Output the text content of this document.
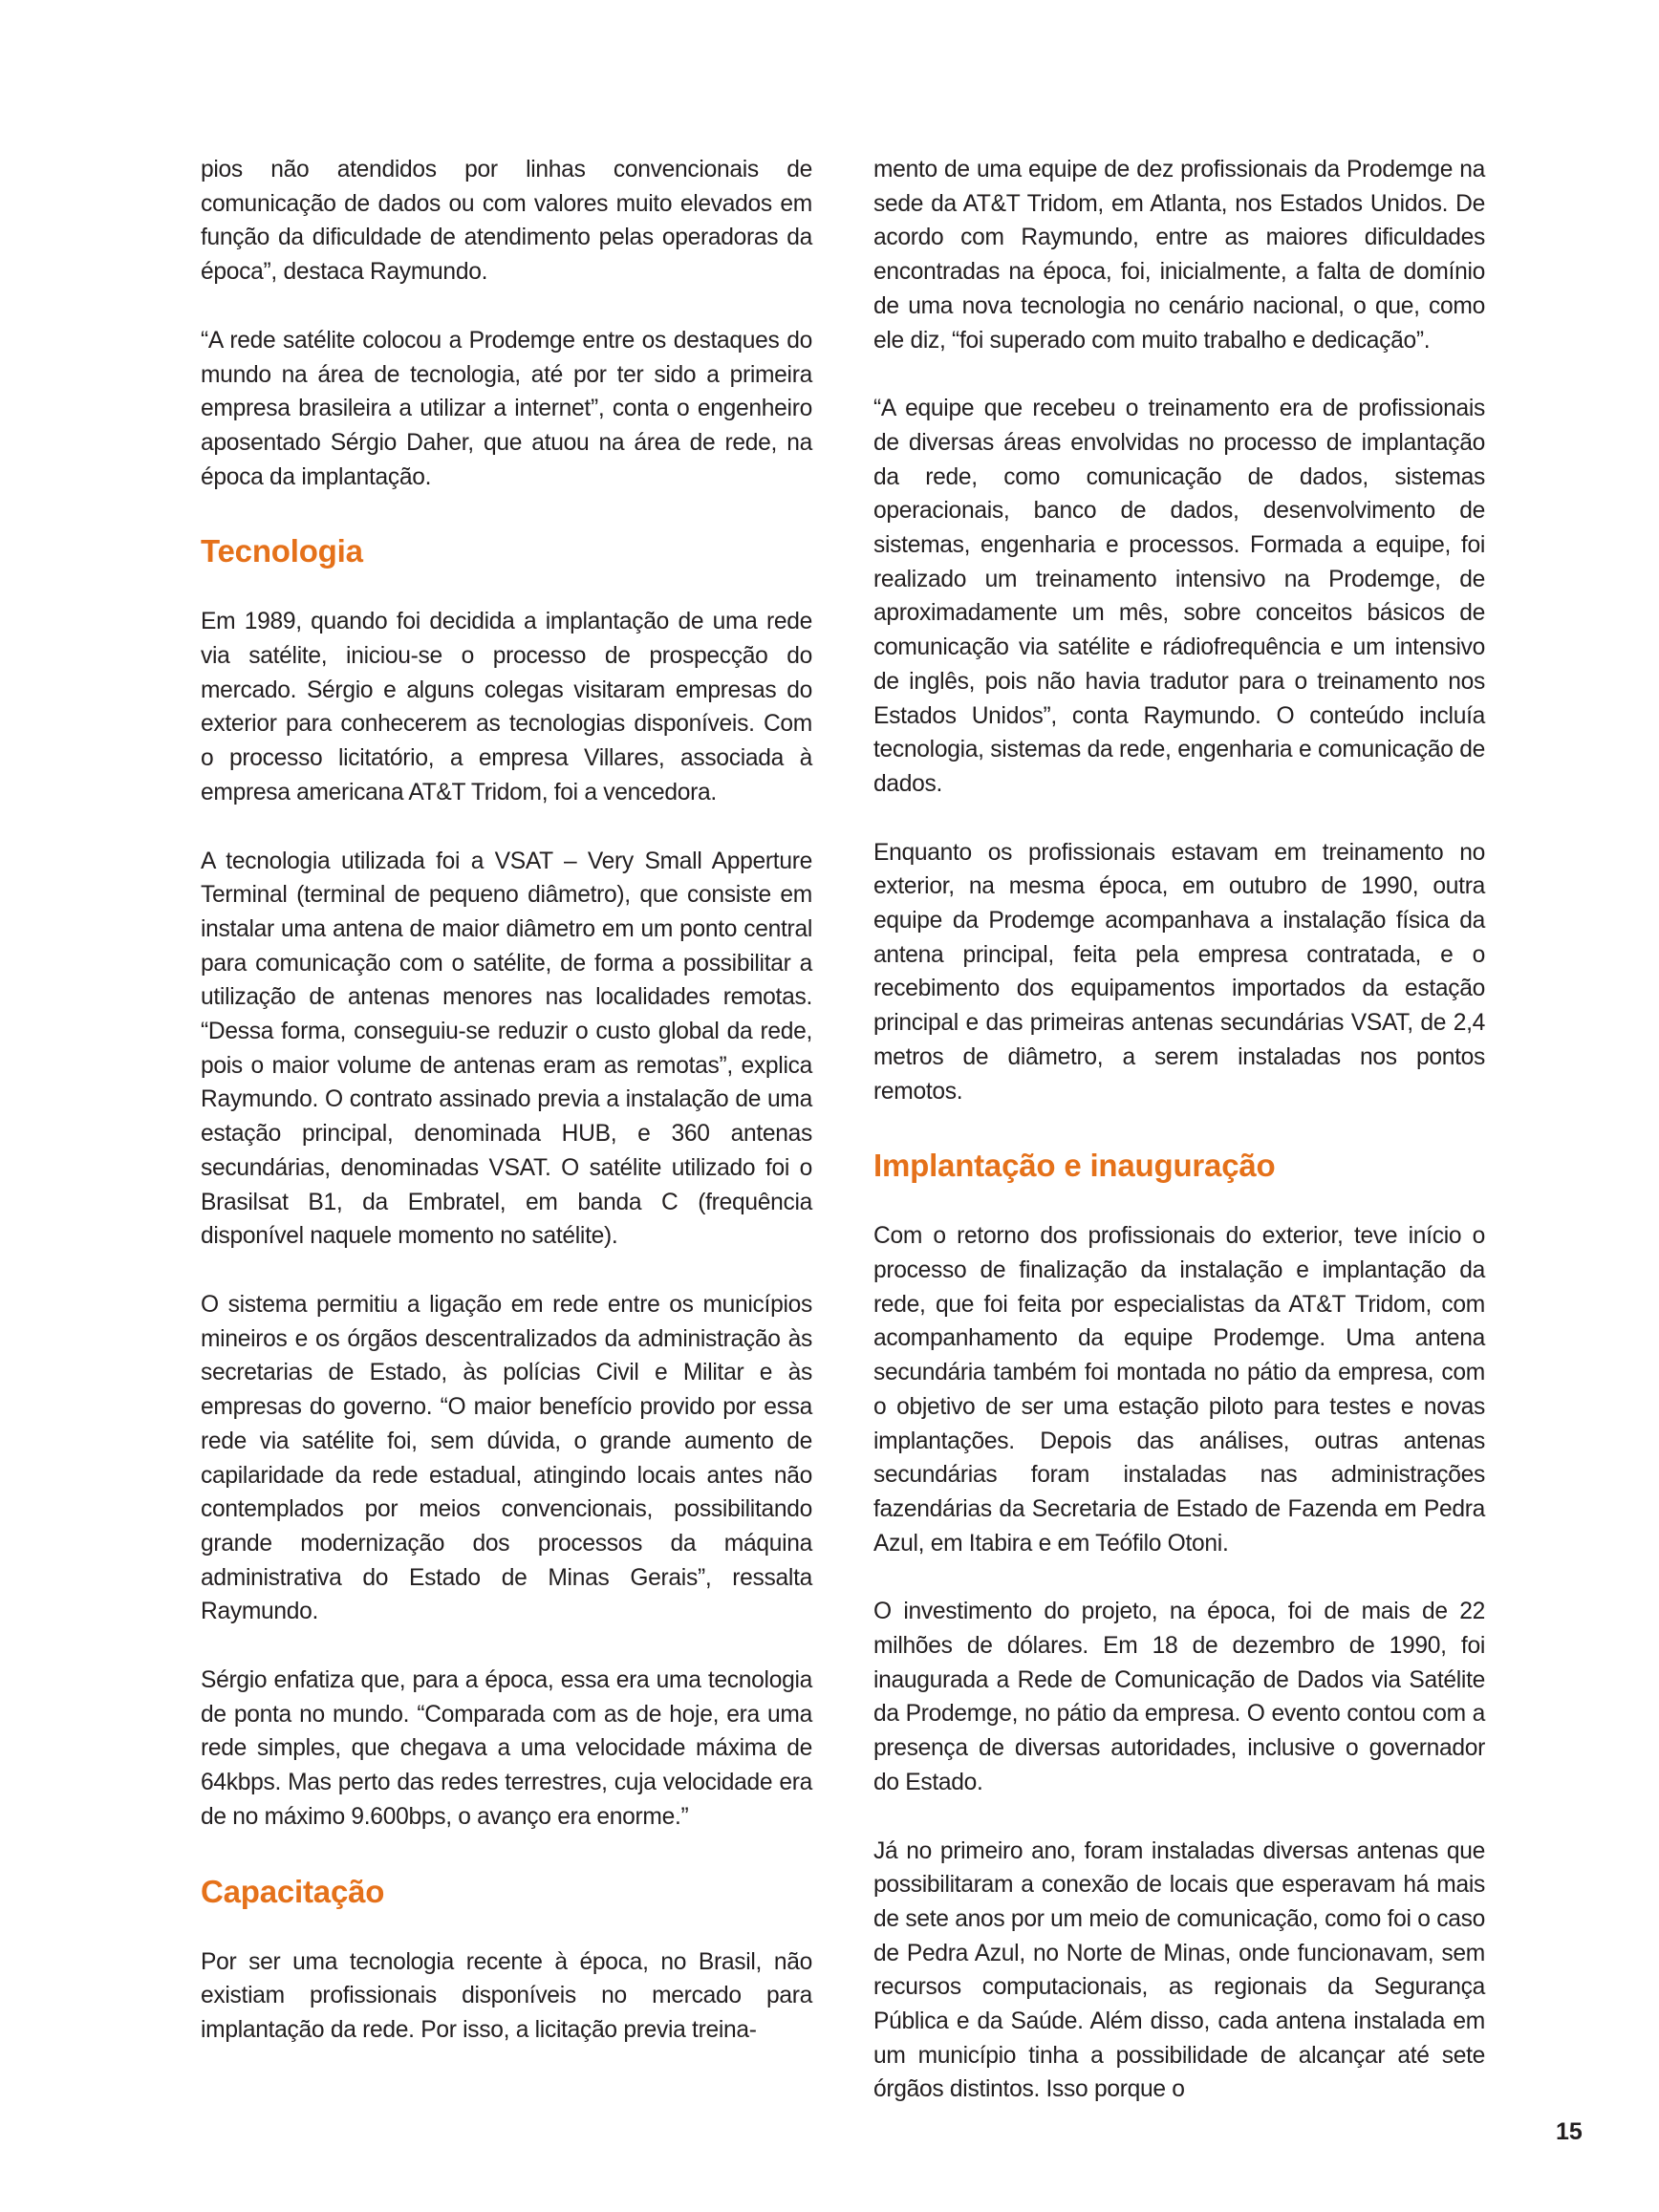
pios não atendidos por linhas convencionais de comunicação de dados ou com valores muito elevados em função da dificuldade de atendimento pelas operadoras da época”, destaca Raymundo.

“A rede satélite colocou a Prodemge entre os destaques do mundo na área de tecnologia, até por ter sido a primeira empresa brasileira a utilizar a internet”, conta o engenheiro aposentado Sérgio Daher, que atuou na área de rede, na época da implantação.

Tecnologia

Em 1989, quando foi decidida a implantação de uma rede via satélite, iniciou-se o processo de prospecção do mercado. Sérgio e alguns colegas visitaram empresas do exterior para conhecerem as tecnologias disponíveis. Com o processo licitatório, a empresa Villares, associada à empresa americana AT&T Tridom, foi a vencedora.

A tecnologia utilizada foi a VSAT – Very Small Apperture Terminal (terminal de pequeno diâmetro), que consiste em instalar uma antena de maior diâmetro em um ponto central para comunicação com o satélite, de forma a possibilitar a utilização de antenas menores nas localidades remotas. “Dessa forma, conseguiu-se reduzir o custo global da rede, pois o maior volume de antenas eram as remotas”, explica Raymundo. O contrato assinado previa a instalação de uma estação principal, denominada HUB, e 360 antenas secundárias, denominadas VSAT. O satélite utilizado foi o Brasilsat B1, da Embratel, em banda C (frequência disponível naquele momento no satélite).

O sistema permitiu a ligação em rede entre os municípios mineiros e os órgãos descentralizados da administração às secretarias de Estado, às polícias Civil e Militar e às empresas do governo. “O maior benefício provido por essa rede via satélite foi, sem dúvida, o grande aumento de capilaridade da rede estadual, atingindo locais antes não contemplados por meios convencionais, possibilitando grande modernização dos processos da máquina administrativa do Estado de Minas Gerais”, ressalta Raymundo.

Sérgio enfatiza que, para a época, essa era uma tecnologia de ponta no mundo. “Comparada com as de hoje, era uma rede simples, que chegava a uma velocidade máxima de 64kbps. Mas perto das redes terrestres, cuja velocidade era de no máximo 9.600bps, o avanço era enorme.”

Capacitação

Por ser uma tecnologia recente à época, no Brasil, não existiam profissionais disponíveis no mercado para implantação da rede. Por isso, a licitação previa treina-

mento de uma equipe de dez profissionais da Prodemge na sede da AT&T Tridom, em Atlanta, nos Estados Unidos. De acordo com Raymundo, entre as maiores dificuldades encontradas na época, foi, inicialmente, a falta de domínio de uma nova tecnologia no cenário nacional, o que, como ele diz, “foi superado com muito trabalho e dedicação”.

“A equipe que recebeu o treinamento era de profissionais de diversas áreas envolvidas no processo de implantação da rede, como comunicação de dados, sistemas operacionais, banco de dados, desenvolvimento de sistemas, engenharia e processos. Formada a equipe, foi realizado um treinamento intensivo na Prodemge, de aproximadamente um mês, sobre conceitos básicos de comunicação via satélite e rádiofrequência e um intensivo de inglês, pois não havia tradutor para o treinamento nos Estados Unidos”, conta Raymundo. O conteúdo incluía tecnologia, sistemas da rede, engenharia e comunicação de dados.

Enquanto os profissionais estavam em treinamento no exterior, na mesma época, em outubro de 1990, outra equipe da Prodemge acompanhava a instalação física da antena principal, feita pela empresa contratada, e o recebimento dos equipamentos importados da estação principal e das primeiras antenas secundárias VSAT, de 2,4 metros de diâmetro, a serem instaladas nos pontos remotos.

Implantação e inauguração

Com o retorno dos profissionais do exterior, teve início o processo de finalização da instalação e implantação da rede, que foi feita por especialistas da AT&T Tridom, com acompanhamento da equipe Prodemge. Uma antena secundária também foi montada no pátio da empresa, com o objetivo de ser uma estação piloto para testes e novas implantações. Depois das análises, outras antenas secundárias foram instaladas nas administrações fazendárias da Secretaria de Estado de Fazenda em Pedra Azul, em Itabira e em Teófilo Otoni.

O investimento do projeto, na época, foi de mais de 22 milhões de dólares. Em 18 de dezembro de 1990, foi inaugurada a Rede de Comunicação de Dados via Satélite da Prodemge, no pátio da empresa. O evento contou com a presença de diversas autoridades, inclusive o governador do Estado.

Já no primeiro ano, foram instaladas diversas antenas que possibilitaram a conexão de locais que esperavam há mais de sete anos por um meio de comunicação, como foi o caso de Pedra Azul, no Norte de Minas, onde funcionavam, sem recursos computacionais, as regionais da Segurança Pública e da Saúde. Além disso, cada antena instalada em um município tinha a possibilidade de alcançar até sete órgãos distintos. Isso porque o

15
